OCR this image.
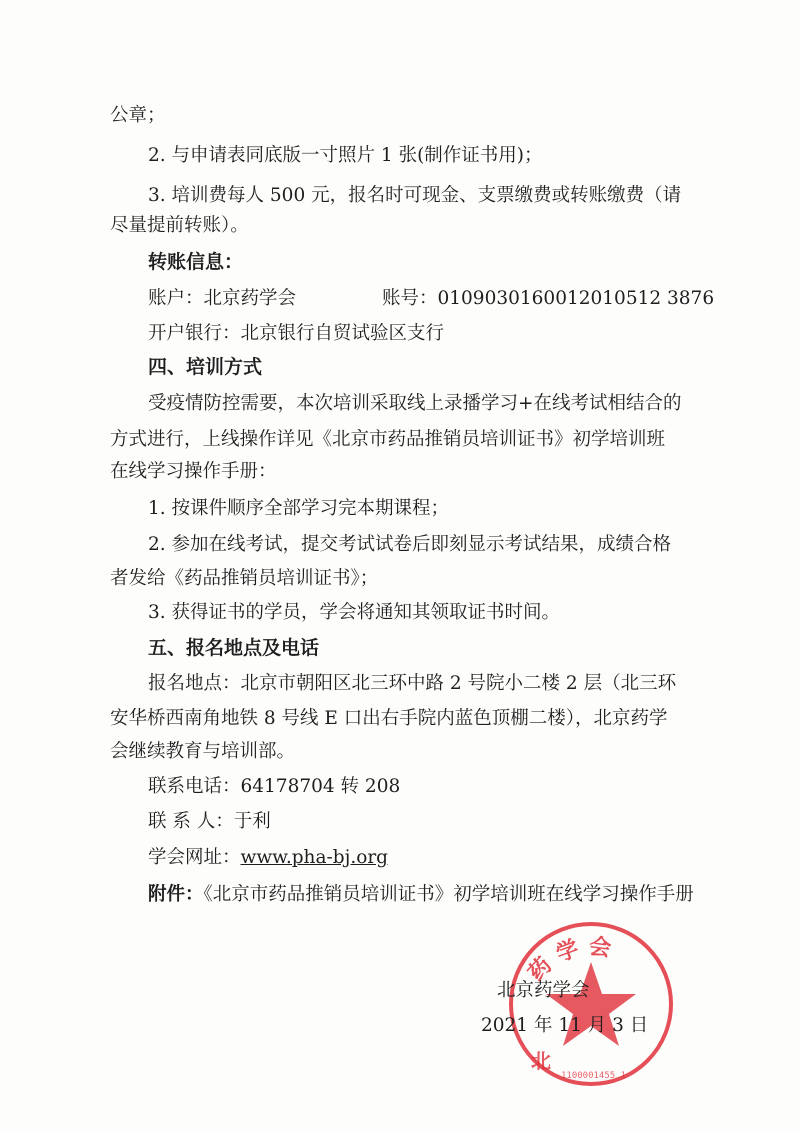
公章；
2. 与申请表同底版一寸照片 1 张(制作证书用)；
3. 培训费每人 500 元，报名时可现金、支票缴费或转账缴费（请
尽量提前转账）。
转账信息：
账户：北京药学会	账号：0109030160012010512 3876
开户银行：北京银行自贸试验区支行
四、培训方式
受疫情防控需要，本次培训采取线上录播学习+在线考试相结合的
方式进行，上线操作详见《北京市药品推销员培训证书》初学培训班
在线学习操作手册：
1. 按课件顺序全部学习完本期课程；
2. 参加在线考试，提交考试试卷后即刻显示考试结果，成绩合格
者发给《药品推销员培训证书》；
3. 获得证书的学员，学会将通知其领取证书时间。
五、报名地点及电话
报名地点：北京市朝阳区北三环中路 2 号院小二楼 2 层（北三环
安华桥西南角地铁 8 号线 E 口出右手院内蓝色顶棚二楼），北京药学
会继续教育与培训部。
联系电话：64178704 转 208
联 系 人：于利
学会网址：www.pha-bj.org
附件：《北京市药品推销员培训证书》初学培训班在线学习操作手册
药 学 会
北
1100001455 1
北京药学会
2021 年 11 月 3 日
